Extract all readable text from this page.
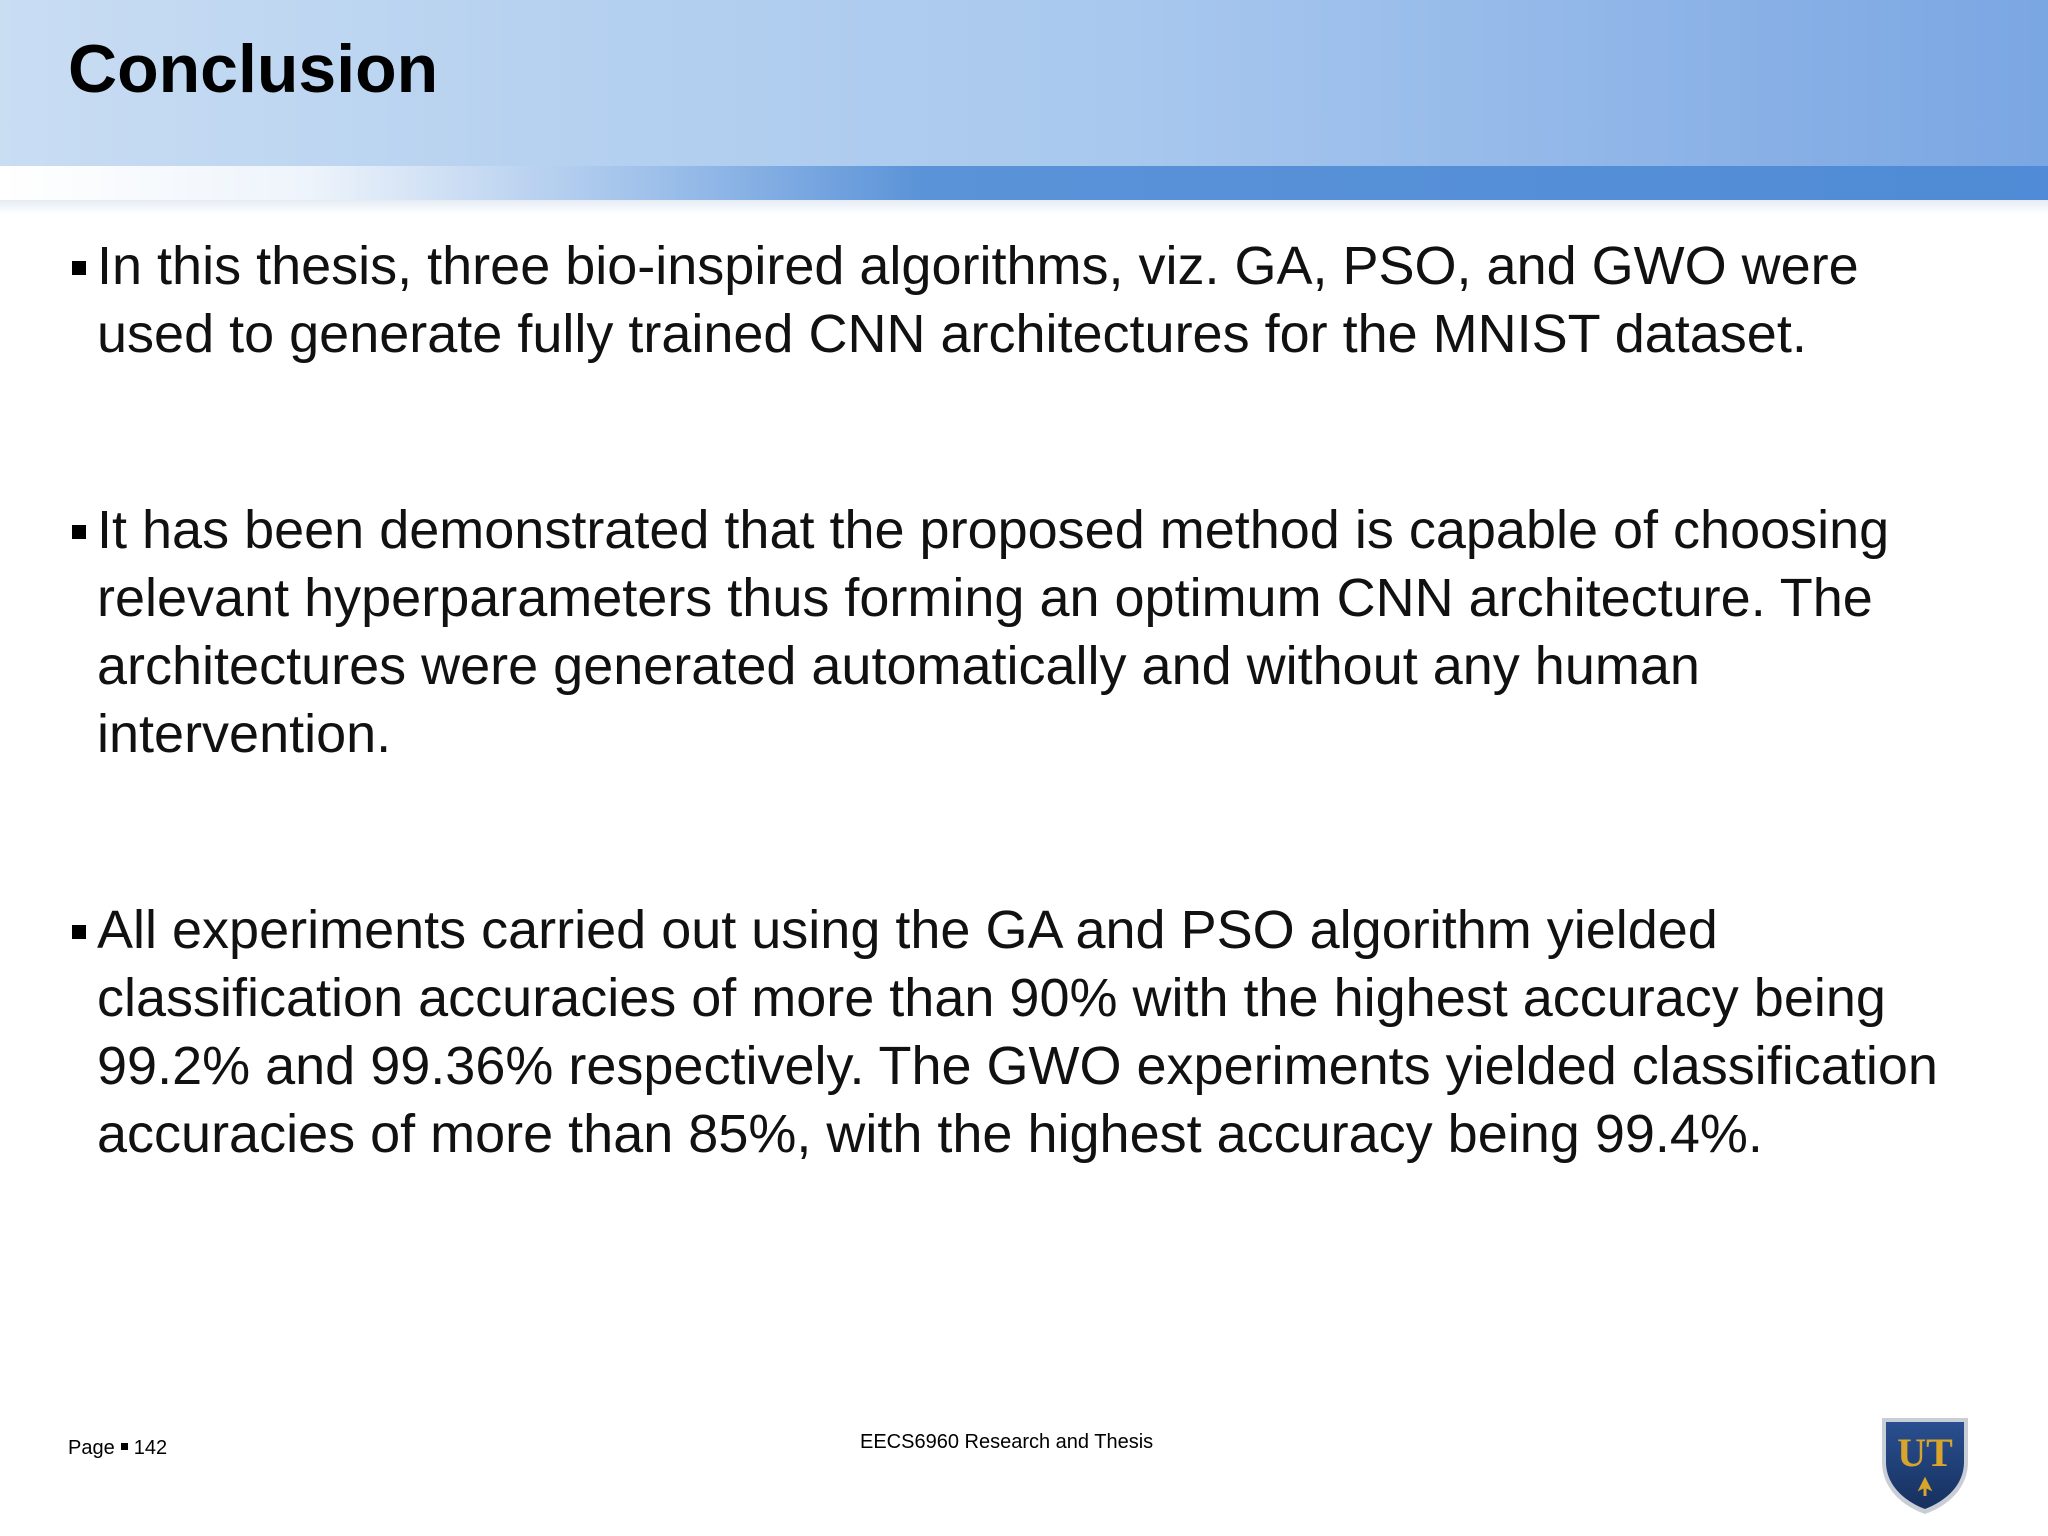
Conclusion
In this thesis, three bio-inspired algorithms, viz. GA, PSO, and GWO were used to generate fully trained CNN architectures for the MNIST dataset.
It has been demonstrated that the proposed method is capable of choosing relevant hyperparameters thus forming an optimum CNN architecture. The architectures were generated automatically and without any human intervention.
All experiments carried out using the GA and PSO algorithm yielded classification accuracies of more than 90% with the highest accuracy being 99.2% and 99.36% respectively. The GWO experiments yielded classification accuracies of more than 85%, with the highest accuracy being 99.4%.
Page 142	EECS6960 Research and Thesis	UT
